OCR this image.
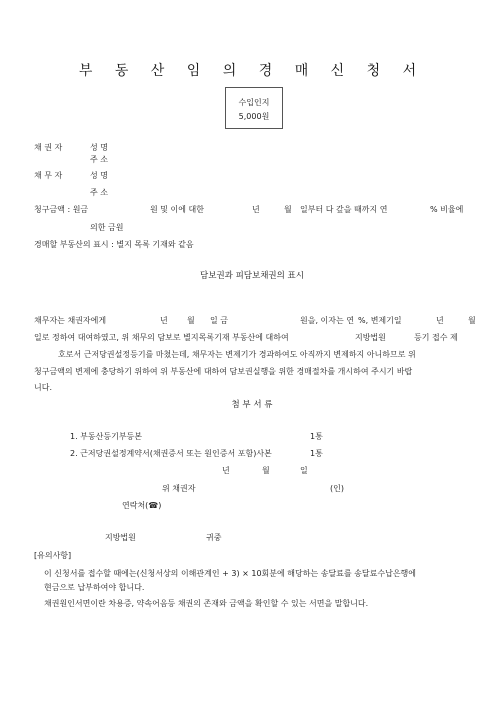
부 동 산 임 의 경 매 신 청 서
수입인지
5,000원
채 권 자	성 명
주 소
채 무 자	성 명
주 소
청구금액 : 원금	원 및 이에 대한	년	월 일부터 다 갚을 때까지 연	% 비율에
의한 금원
경매할 부동산의 표시 : 별지 목록 기재와 같음
담보권과 피담보채권의 표시
채무자는 채권자에게	년 월 일 금	원을, 이자는 연 %, 변제기일	년	월
일로 정하여 대여하였고, 위 채무의 담보로 별지목록기재 부동산에 대하여	지방법원	등기 접수 제
호로서 근저당권설정등기를 마쳤는데, 채무자는 변제기가 경과하여도 아직까지 변제하지 아니하므로 위
청구금액의 변제에 충당하기 위하여 위 부동산에 대하여 담보권실행을 위한 경매절차를 개시하여 주시기 바랍
니다.
첨 부 서 류
1. 부동산등기부등본	1통
2. 근저당권설정계약서(채권증서 또는 원인증서 포함)사본	1통
년	월	일
위 채권자	(인)
연락처(☎)
지방법원	귀중
[유의사항]
이 신청서를 접수할 때에는(신청서상의 이해관계인 + 3) × 10회분에 해당하는 송달료를 송달료수납은행에
현금으로 납부하여야 합니다.
채권원인서면이란 차용증, 약속어음등 채권의 존재와 금액을 확인할 수 있는 서면을 말합니다.
